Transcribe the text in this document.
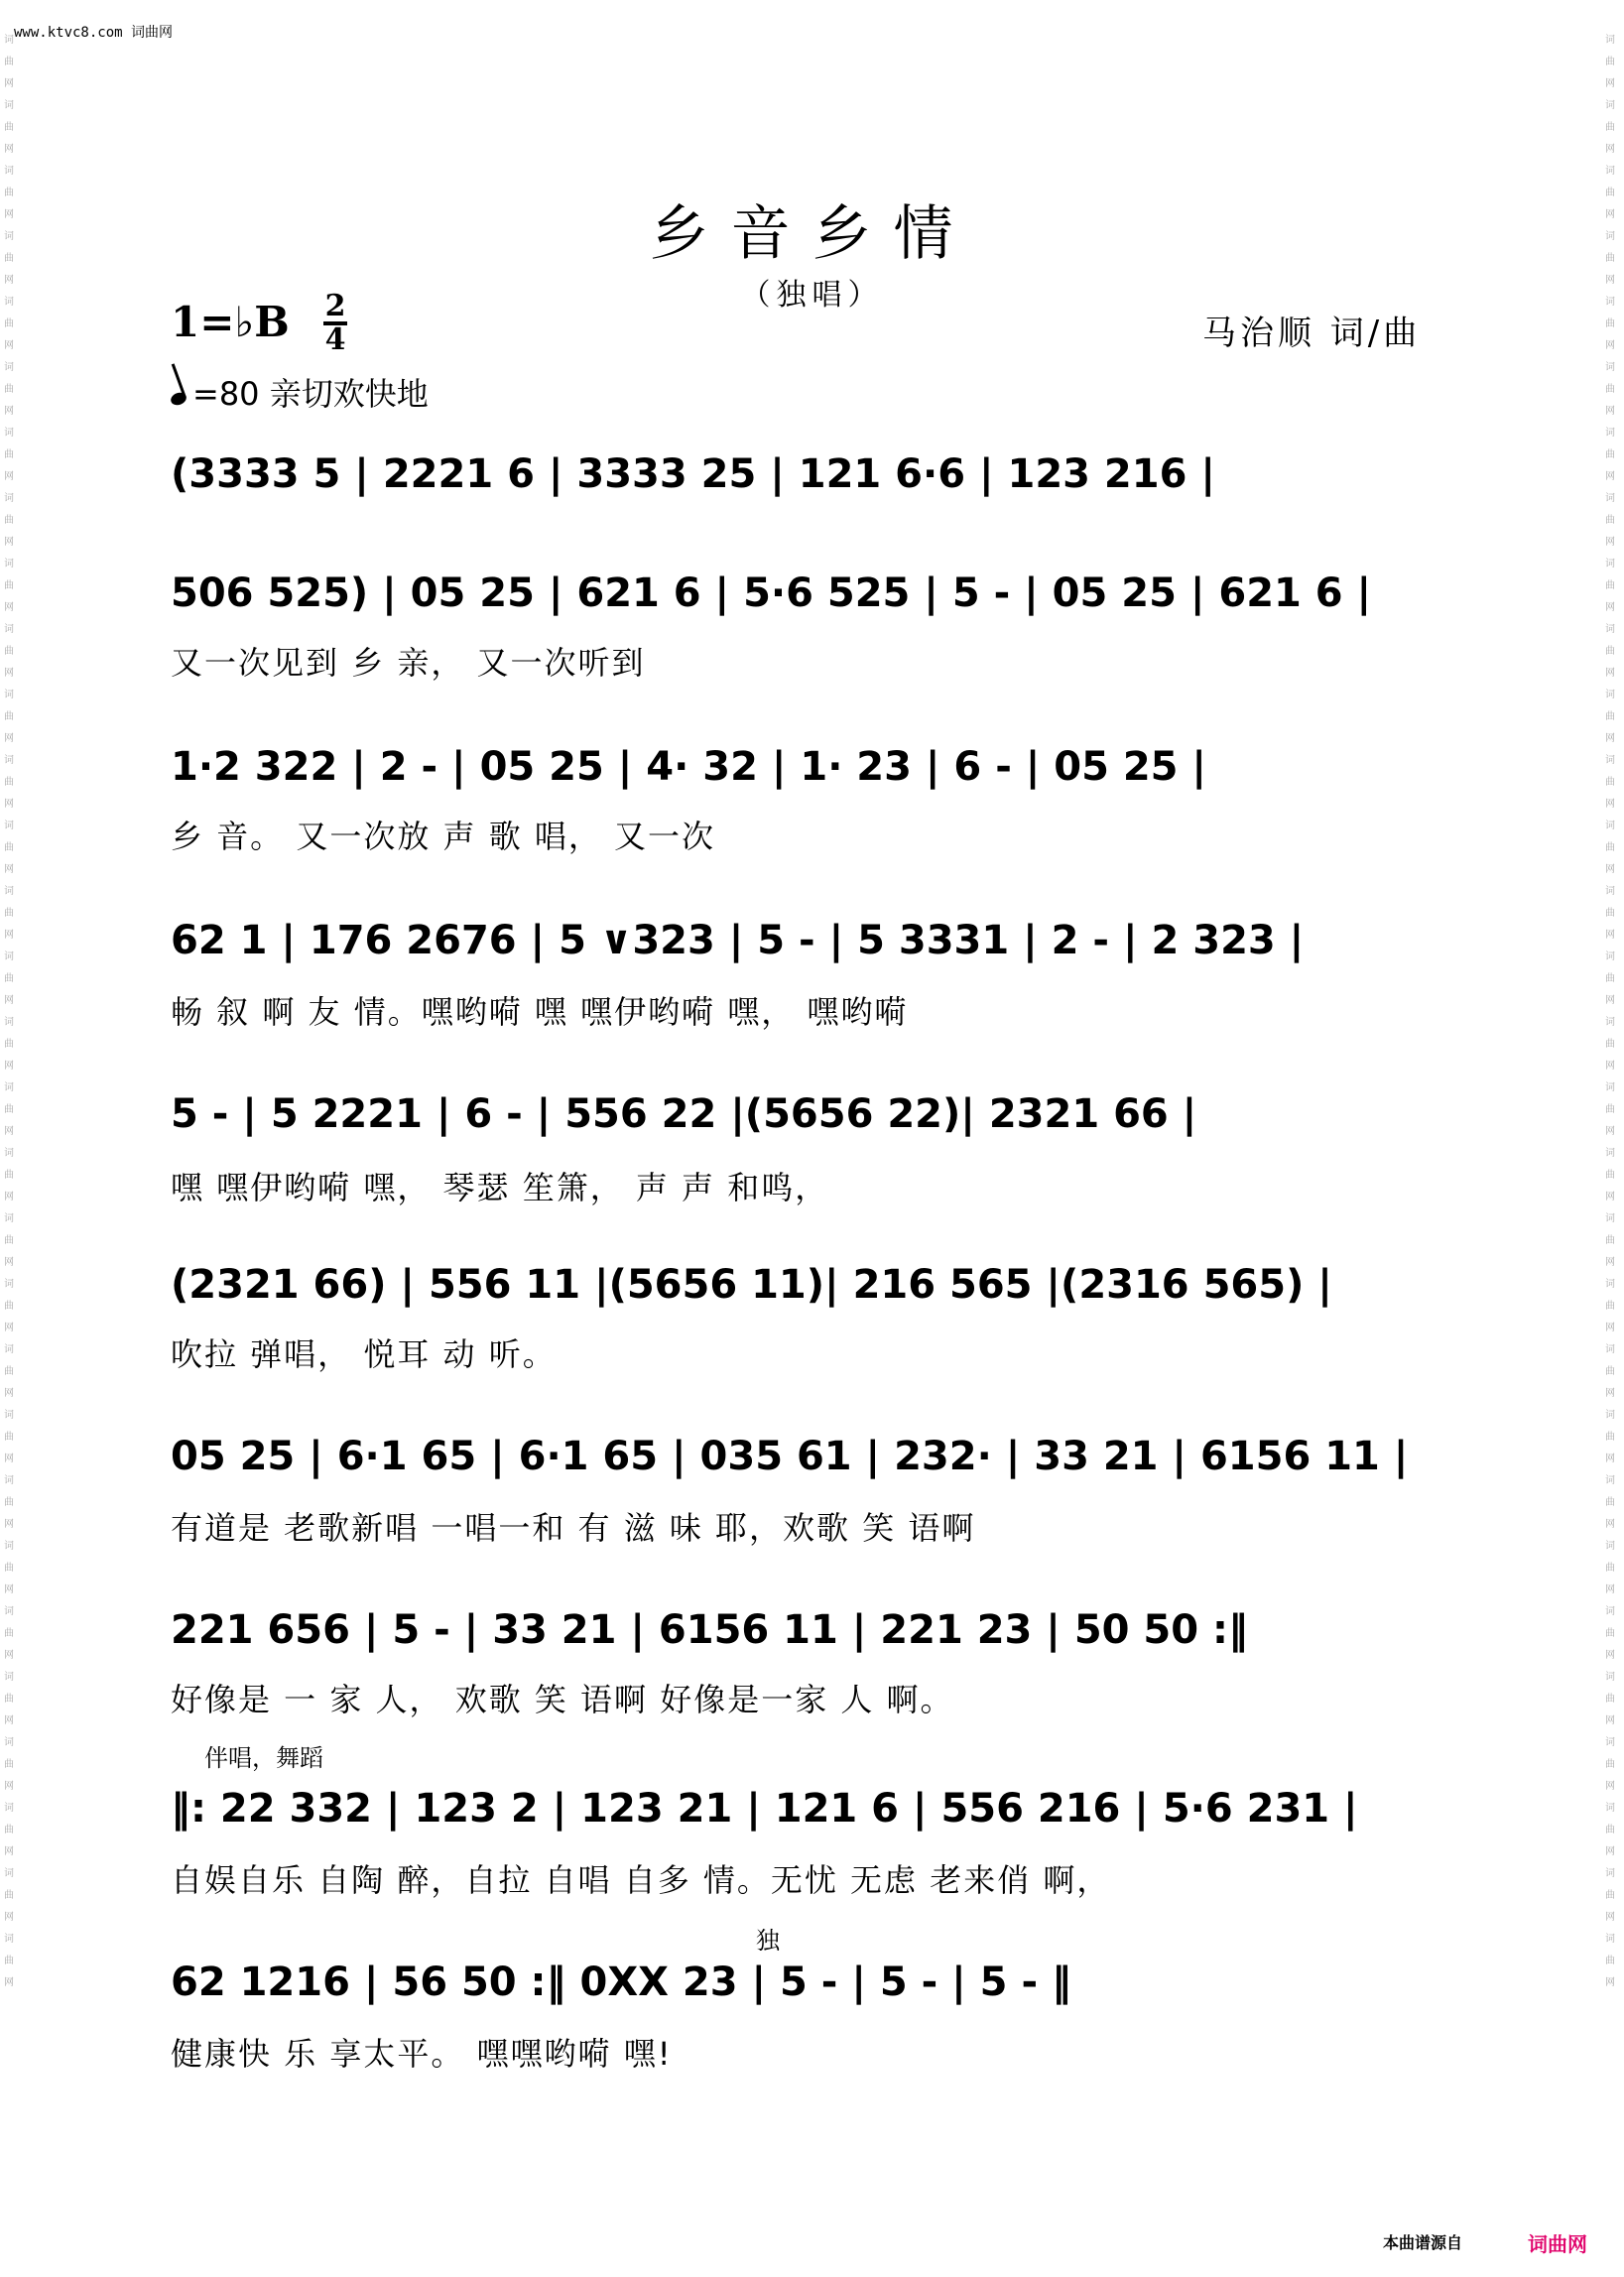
www.ktvc8.com 词曲网
乡音乡情
（独唱）
1=♭B 2
4
=80 亲切欢快地
马治顺 词/曲
(3333 5 | 2221 6 | 3333 25 | 121 6·6 | 123 216 |
506 525) | 05 25 | 621 6 | 5·6 525 | 5 - | 05 25 | 621 6 |
又一次见到 乡 亲， 又一次听到
1·2 322 | 2 - | 05 25 | 4· 32 | 1· 23 | 6 - | 05 25 |
乡 音。 又一次放 声 歌 唱， 又一次
62 1 | 176 2676 | 5 ∨323 | 5 - | 5 3331 | 2 - | 2 323 |
畅 叙 啊 友 情。嘿哟嗬 嘿 嘿伊哟嗬 嘿， 嘿哟嗬
5 - | 5 2221 | 6 - | 556 22 |(5656 22)| 2321 66 |
嘿 嘿伊哟嗬 嘿， 琴瑟 笙箫， 声 声 和鸣，
(2321 66) | 556 11 |(5656 11)| 216 565 |(2316 565) |
吹拉 弹唱， 悦耳 动 听。
05 25 | 6·1 65 | 6·1 65 | 035 61 | 232· | 33 21 | 6156 11 |
有道是 老歌新唱 一唱一和 有 滋 味 耶，欢歌 笑 语啊
221 656 | 5 - | 33 21 | 6156 11 | 221 23 | 50 50 :‖
好像是 一 家 人， 欢歌 笑 语啊 好像是一家 人 啊。
伴唱，舞蹈
‖: 22 332 | 123 2 | 123 21 | 121 6 | 556 216 | 5·6 231 |
自娱自乐 自陶 醉，自拉 自唱 自多 情。无忧 无虑 老来俏 啊，
独
62 1216 | 56 50 :‖ 0XX 23 | 5 - | 5 - | 5 - ‖
健康快 乐 享太平。 嘿嘿哟嗬 嘿!
词曲网词曲网词曲网词曲网词曲网词曲网词曲网词曲网词曲网词曲网词曲网词曲网词曲网词曲网词曲网词曲网词曲网词曲网词曲网词曲网词曲网词曲网词曲网词曲网词曲网词曲网词曲网词曲网词曲网词曲网
词曲网词曲网词曲网词曲网词曲网词曲网词曲网词曲网词曲网词曲网词曲网词曲网词曲网词曲网词曲网词曲网词曲网词曲网词曲网词曲网词曲网词曲网词曲网词曲网词曲网词曲网词曲网词曲网词曲网词曲网
本曲谱源自	词曲网
